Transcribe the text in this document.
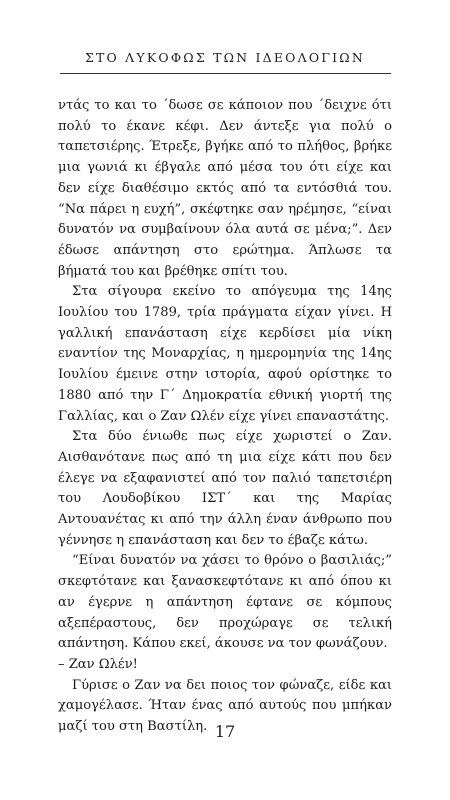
ΣΤΟ ΛΥΚΟΦΩΣ ΤΩΝ ΙΔΕΟΛΟΓΙΩΝ

ντάς το και το ΄δωσε σε κάποιον που ΄δειχνε ότι πολύ το έκανε κέφι. Δεν άντεξε για πολύ ο ταπετσιέρης. Έτρεξε, βγήκε από το πλήθος, βρήκε μια γωνιά κι έβγαλε από μέσα του ότι είχε και δεν είχε διαθέσιμο εκτός από τα εντόσθιά του. “Να πάρει η ευχή”, σκέφτηκε σαν ηρέμησε, “είναι δυνατόν να συμβαίνουν όλα αυτά σε μένα;”. Δεν έδωσε απάντηση στο ερώτημα. Άπλωσε τα βήματά του και βρέθηκε σπίτι του.

Στα σίγουρα εκείνο το απόγευμα της 14ης Ιουλίου του 1789, τρία πράγματα είχαν γίνει. Η γαλλική επανάσταση είχε κερδίσει μία νίκη εναντίον της Μοναρχίας, η ημερομηνία της 14ης Ιουλίου έμεινε στην ιστορία, αφού ορίστηκε το 1880 από την Γ΄ Δημοκρατία εθνική γιορτή της Γαλλίας, και ο Ζαν Ωλέν είχε γίνει επαναστάτης.

Στα δύο ένιωθε πως είχε χωριστεί ο Ζαν. Αισθανότανε πως από τη μια είχε κάτι που δεν έλεγε να εξαφανιστεί από τον παλιό ταπετσιέρη του Λουδοβίκου ΙΣΤ΄ και της Μαρίας Αντουανέτας κι από την άλλη έναν άνθρωπο που γέννησε η επανάσταση και δεν το έβαζε κάτω.

“Είναι δυνατόν να χάσει το θρόνο ο βασιλιάς;” σκεφτότανε και ξανασκεφτότανε κι από όπου κι αν έγερνε η απάντηση έφτανε σε κόμπους αξεπέραστους, δεν προχώραγε σε τελική απάντηση. Κάπου εκεί, άκουσε να τον φωνάζουν.

– Ζαν Ωλέν!

Γύρισε ο Ζαν να δει ποιος τον φώναζε, είδε και χαμογέλασε. Ήταν ένας από αυτούς που μπήκαν μαζί του στη Βαστίλη. 17
